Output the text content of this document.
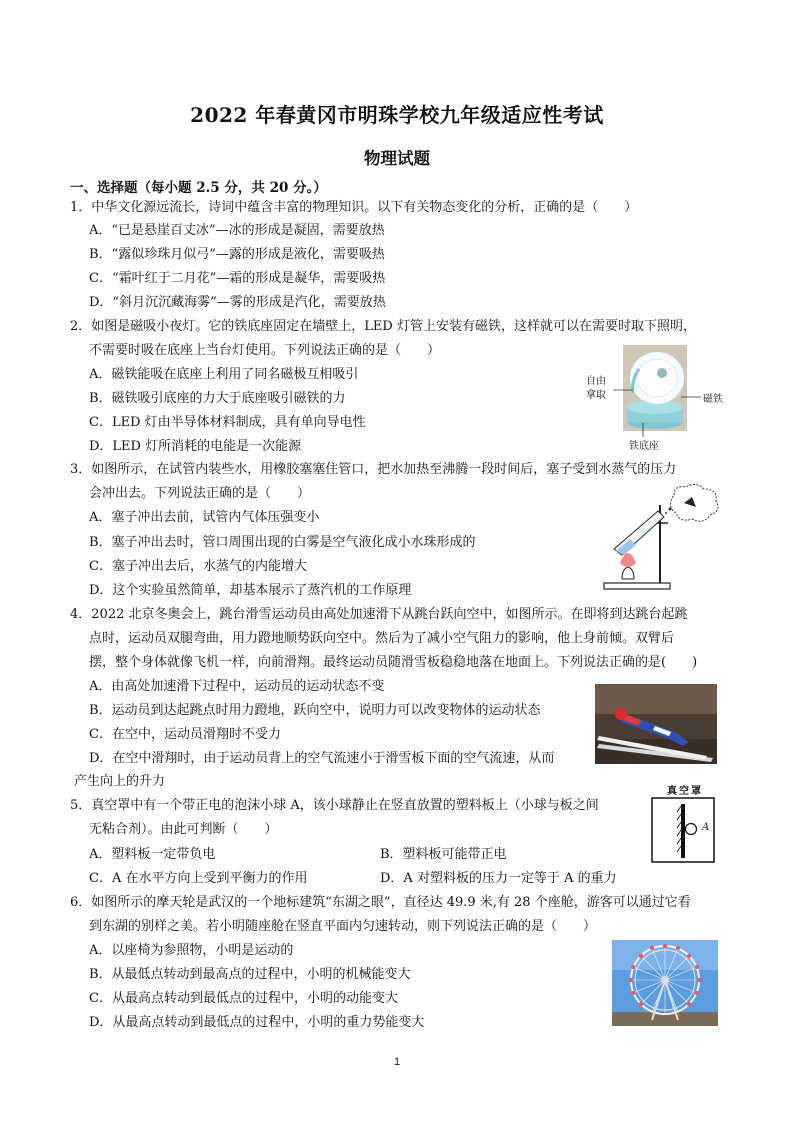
2022 年春黄冈市明珠学校九年级适应性考试
物理试题
一、选择题（每小题 2.5 分，共 20 分。）
1．中华文化源远流长，诗词中蕴含丰富的物理知识。以下有关物态变化的分析，正确的是（　　）
A．“已是悬崖百丈冰”—冰的形成是凝固，需要放热
B．“露似珍珠月似弓”—露的形成是液化，需要吸热
C．“霜叶红于二月花”—霜的形成是凝华，需要吸热
D．“斜月沉沉藏海雾”—雾的形成是汽化，需要放热
2．如图是磁吸小夜灯。它的铁底座固定在墙壁上，LED 灯管上安装有磁铁，这样就可以在需要时取下照明，
不需要时吸在底座上当台灯使用。下列说法正确的是（　　）
A．磁铁能吸在底座上利用了同名磁极互相吸引
B．磁铁吸引底座的力大于底座吸引磁铁的力
C．LED 灯由半导体材料制成，具有单向导电性
D．LED 灯所消耗的电能是一次能源
自由
拿取	磁铁
铁底座
3．如图所示，在试管内装些水，用橡胶塞塞住管口，把水加热至沸腾一段时间后，塞子受到水蒸气的压力
会冲出去。下列说法正确的是（　　）
A．塞子冲出去前，试管内气体压强变小
B．塞子冲出去时，管口周围出现的白雾是空气液化成小水珠形成的
C．塞子冲出去后，水蒸气的内能增大
D．这个实验虽然简单，却基本展示了蒸汽机的工作原理
4．2022 北京冬奥会上，跳台滑雪运动员由高处加速滑下从跳台跃向空中，如图所示。在即将到达跳台起跳
点时，运动员双腿弯曲，用力蹬地顺势跃向空中。然后为了减小空气阻力的影响，他上身前倾。双臂后
摆，整个身体就像飞机一样，向前滑翔。最终运动员随滑雪板稳稳地落在地面上。下列说法正确的是(　　)
A．由高处加速滑下过程中，运动员的运动状态不变
B．运动员到达起跳点时用力蹬地，跃向空中，说明力可以改变物体的运动状态
C．在空中，运动员滑翔时不受力
D．在空中滑翔时，由于运动员背上的空气流速小于滑雪板下面的空气流速，从而
产生向上的升力
5．真空罩中有一个带正电的泡沫小球 A，该小球静止在竖直放置的塑料板上（小球与板之间
无粘合剂）。由此可判断（　　）
A．塑料板一定带负电	B．塑料板可能带正电
C．A 在水平方向上受到平衡力的作用	D．A 对塑料板的压力一定等于 A 的重力
真空罩
A
6．如图所示的摩天轮是武汉的一个地标建筑“东湖之眼”，直径达 49.9 米,有 28 个座舱，游客可以通过它看
到东湖的别样之美。若小明随座舱在竖直平面内匀速转动，则下列说法正确的是（　　）
A．以座椅为参照物，小明是运动的
B．从最低点转动到最高点的过程中，小明的机械能变大
C．从最高点转动到最低点的过程中，小明的动能变大
D．从最高点转动到最低点的过程中，小明的重力势能变大
1
